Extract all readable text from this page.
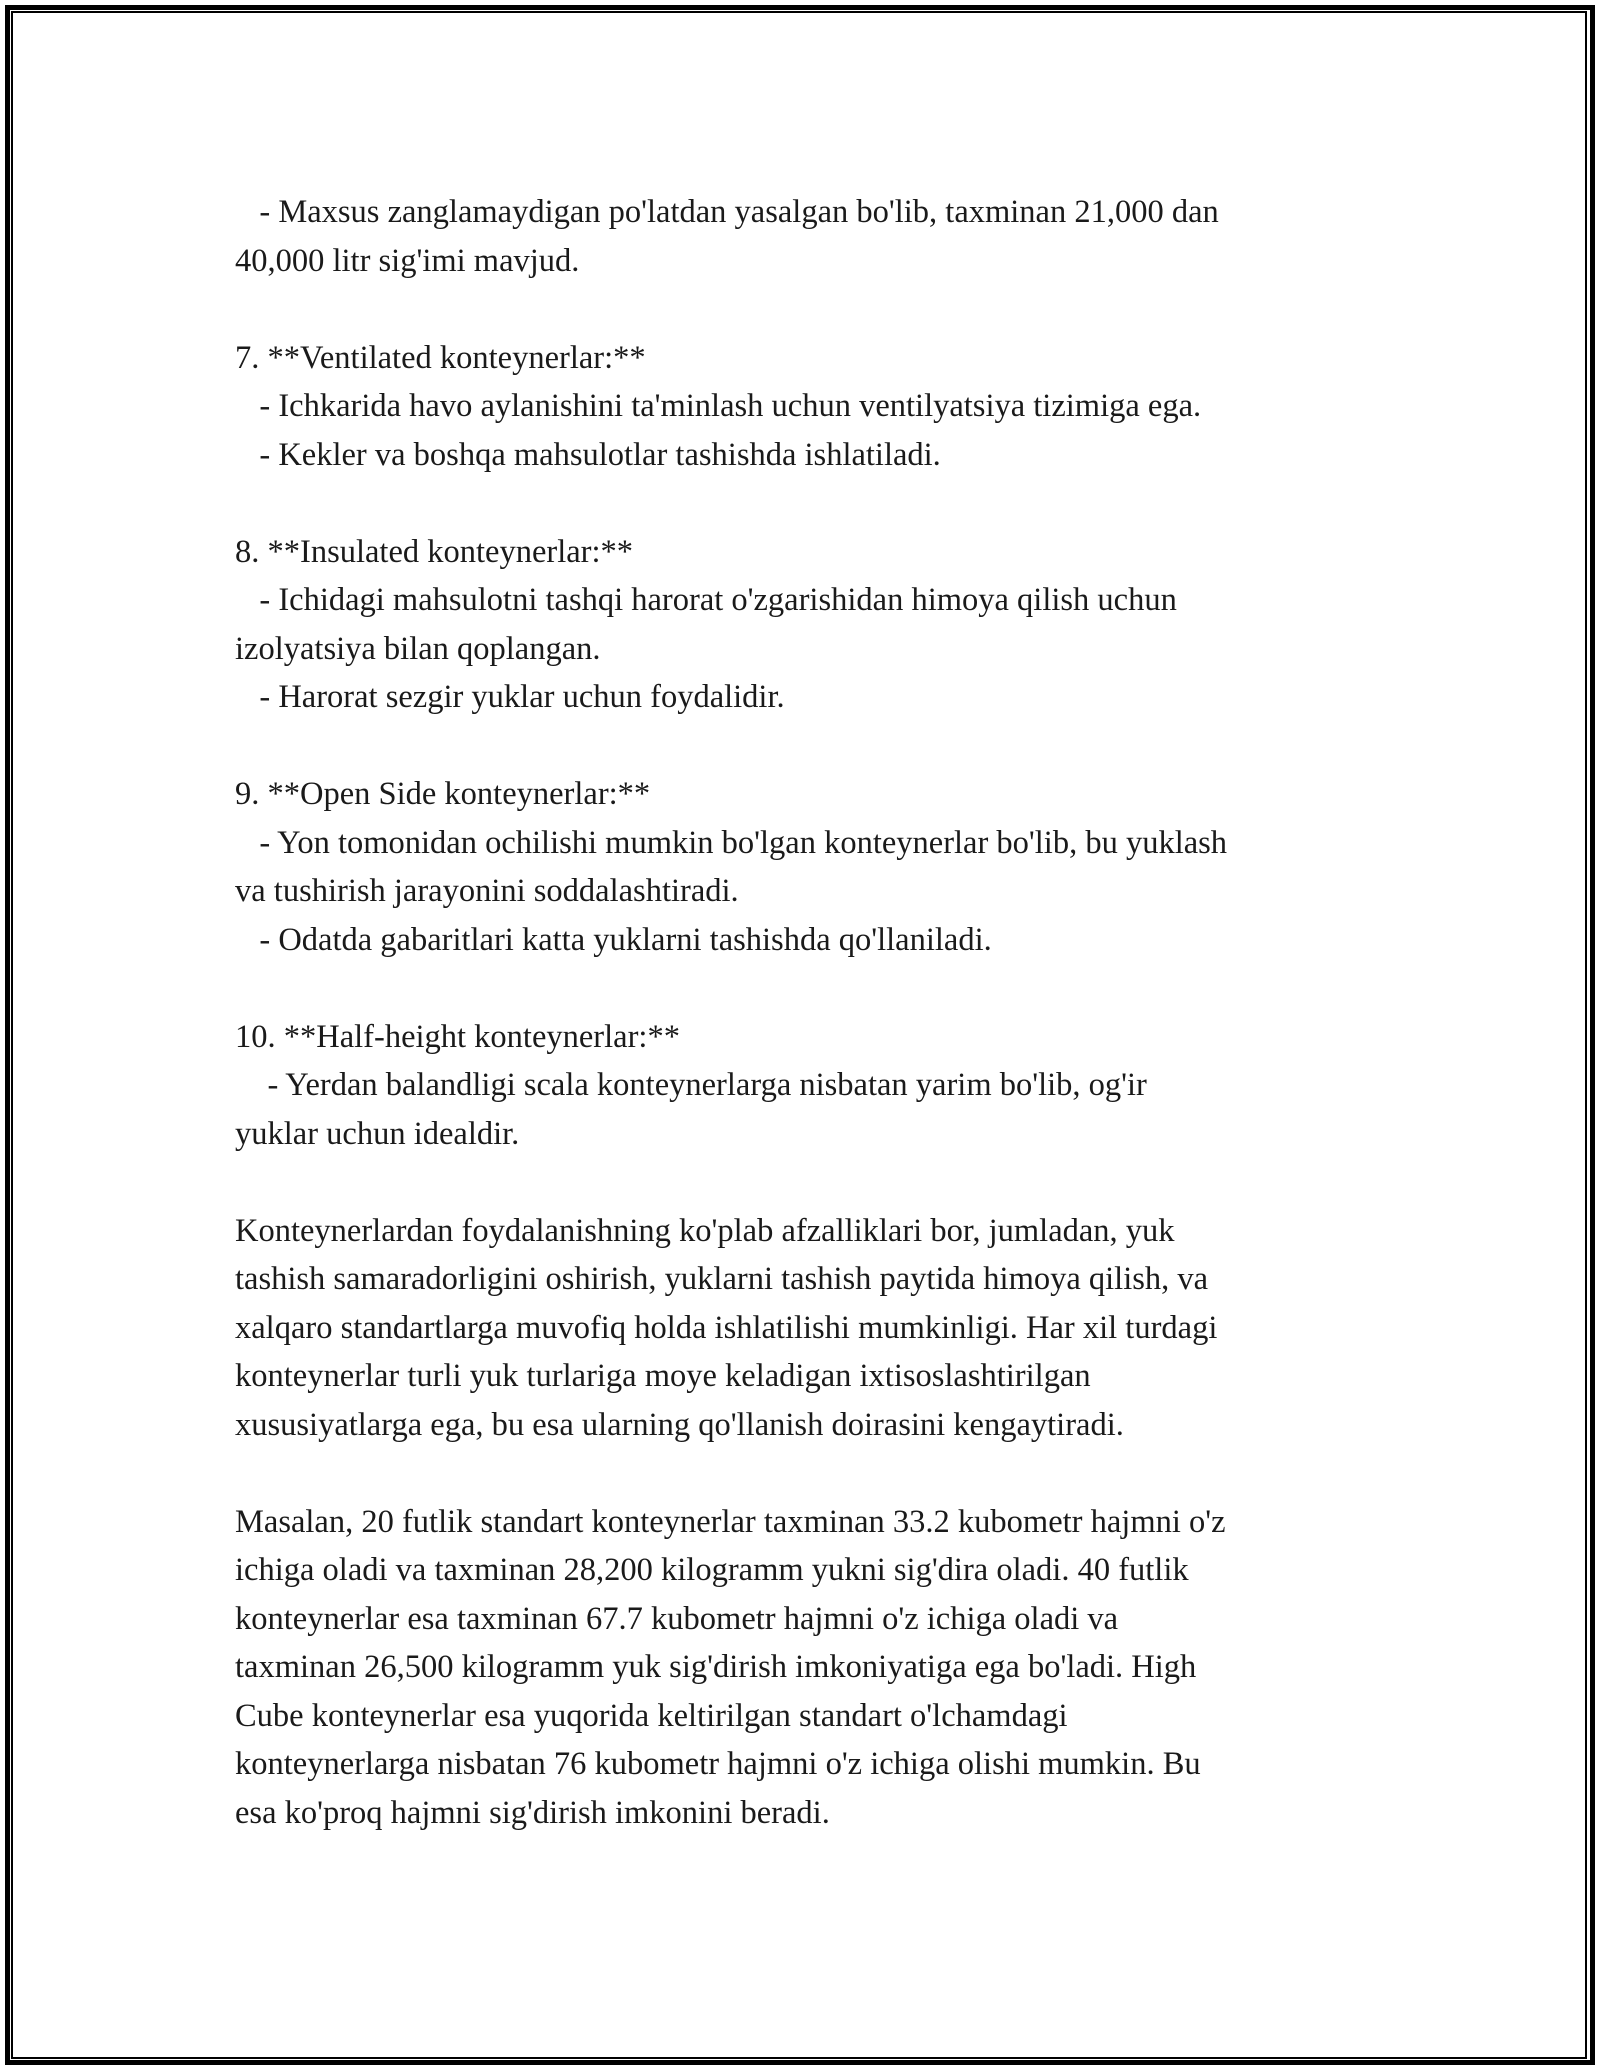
- Maxsus zanglamaydigan po'latdan yasalgan bo'lib, taxminan 21,000 dan
40,000 litr sig'imi mavjud.
7. **Ventilated konteynerlar:**
- Ichkarida havo aylanishini ta'minlash uchun ventilyatsiya tizimiga ega.
- Kekler va boshqa mahsulotlar tashishda ishlatiladi.
8. **Insulated konteynerlar:**
- Ichidagi mahsulotni tashqi harorat o'zgarishidan himoya qilish uchun
izolyatsiya bilan qoplangan.
- Harorat sezgir yuklar uchun foydalidir.
9. **Open Side konteynerlar:**
- Yon tomonidan ochilishi mumkin bo'lgan konteynerlar bo'lib, bu yuklash
va tushirish jarayonini soddalashtiradi.
- Odatda gabaritlari katta yuklarni tashishda qo'llaniladi.
10. **Half-height konteynerlar:**
- Yerdan balandligi scala konteynerlarga nisbatan yarim bo'lib, og'ir
yuklar uchun idealdir.
Konteynerlardan foydalanishning ko'plab afzalliklari bor, jumladan, yuk
tashish samaradorligini oshirish, yuklarni tashish paytida himoya qilish, va
xalqaro standartlarga muvofiq holda ishlatilishi mumkinligi. Har xil turdagi
konteynerlar turli yuk turlariga moye keladigan ixtisoslashtirilgan
xususiyatlarga ega, bu esa ularning qo'llanish doirasini kengaytiradi.
Masalan, 20 futlik standart konteynerlar taxminan 33.2 kubometr hajmni o'z
ichiga oladi va taxminan 28,200 kilogramm yukni sig'dira oladi. 40 futlik
konteynerlar esa taxminan 67.7 kubometr hajmni o'z ichiga oladi va
taxminan 26,500 kilogramm yuk sig'dirish imkoniyatiga ega bo'ladi. High
Cube konteynerlar esa yuqorida keltirilgan standart o'lchamdagi
konteynerlarga nisbatan 76 kubometr hajmni o'z ichiga olishi mumkin. Bu
esa ko'proq hajmni sig'dirish imkonini beradi.
